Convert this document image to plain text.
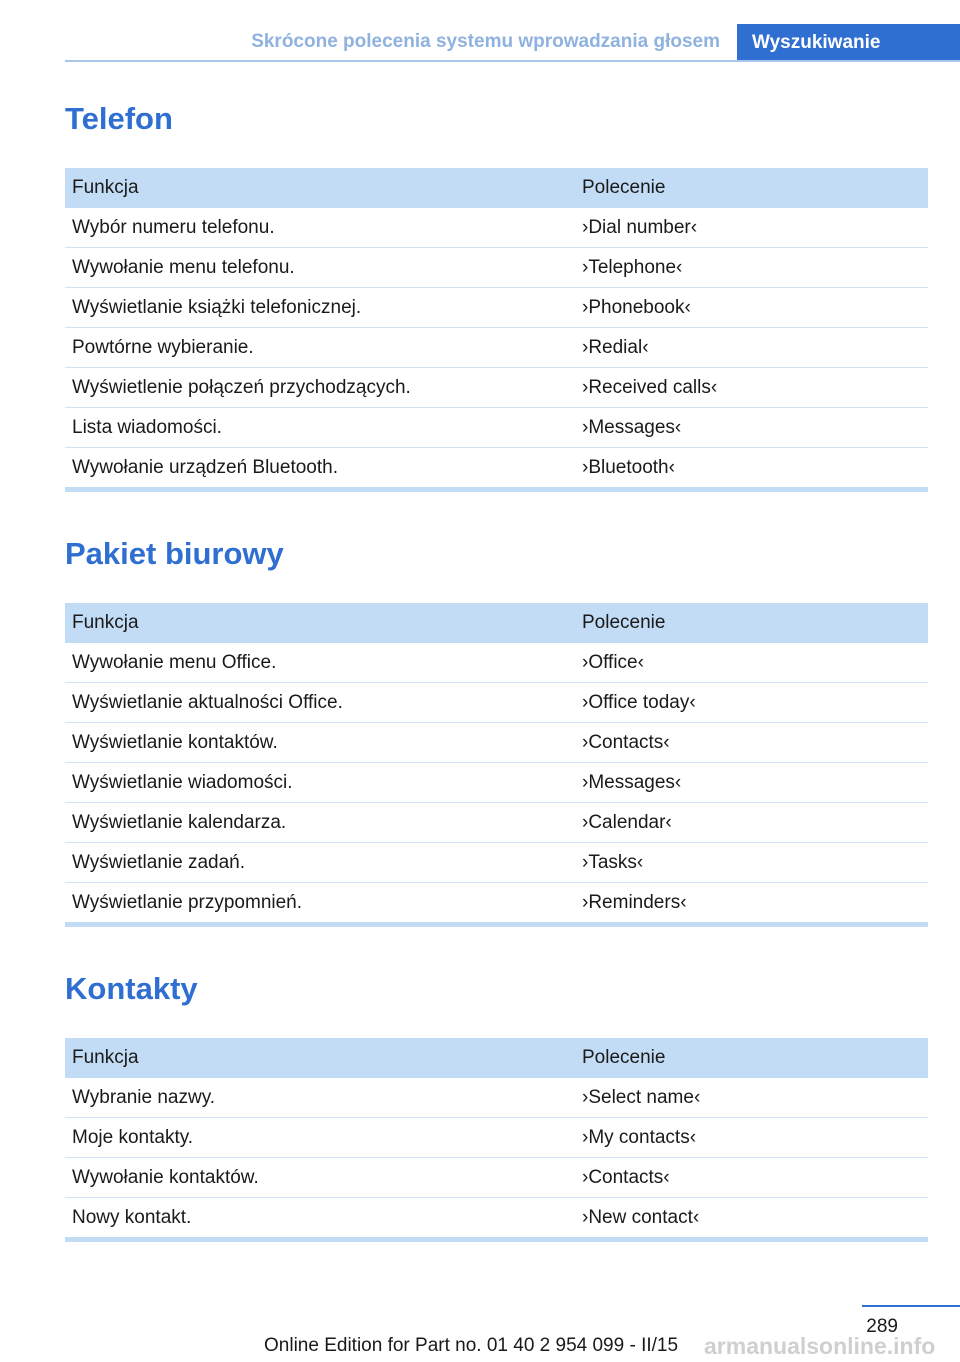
Skrócone polecenia systemu wprowadzania głosem	Wyszukiwanie
Telefon
Funkcja	Polecenie
Wybór numeru telefonu.	›Dial number‹
Wywołanie menu telefonu.	›Telephone‹
Wyświetlanie książki telefonicznej.	›Phonebook‹
Powtórne wybieranie.	›Redial‹
Wyświetlenie połączeń przychodzących.	›Received calls‹
Lista wiadomości.	›Messages‹
Wywołanie urządzeń Bluetooth.	›Bluetooth‹
Pakiet biurowy
Funkcja	Polecenie
Wywołanie menu Office.	›Office‹
Wyświetlanie aktualności Office.	›Office today‹
Wyświetlanie kontaktów.	›Contacts‹
Wyświetlanie wiadomości.	›Messages‹
Wyświetlanie kalendarza.	›Calendar‹
Wyświetlanie zadań.	›Tasks‹
Wyświetlanie przypomnień.	›Reminders‹
Kontakty
Funkcja	Polecenie
Wybranie nazwy.	›Select name‹
Moje kontakty.	›My contacts‹
Wywołanie kontaktów.	›Contacts‹
Nowy kontakt.	›New contact‹
289
Online Edition for Part no. 01 40 2 954 099 - II/15 armanualsonline.info
